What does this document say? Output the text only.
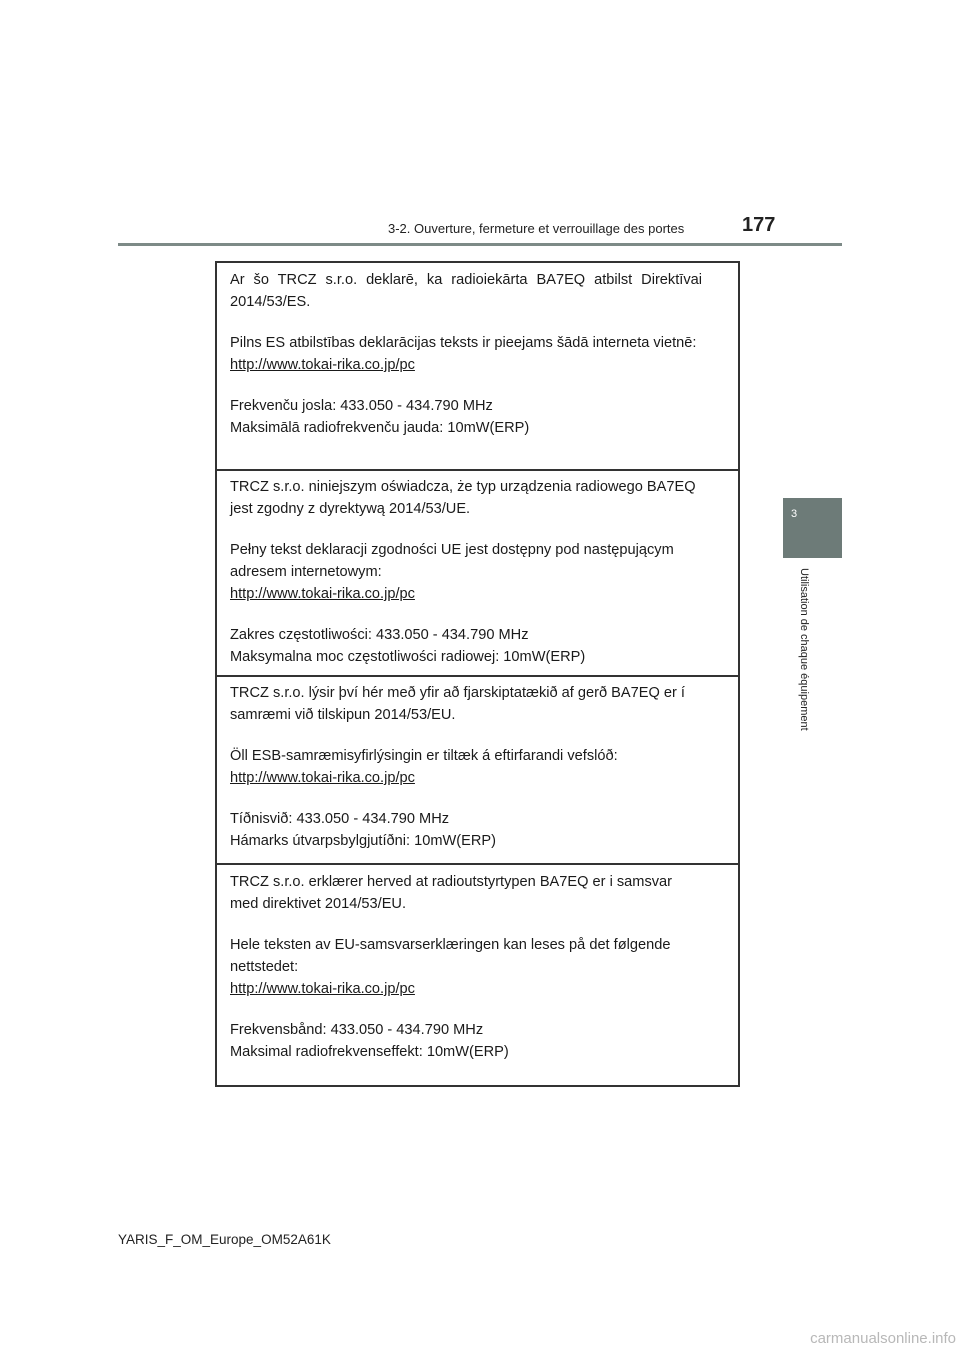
3-2. Ouverture, fermeture et verrouillage des portes	177
3
Utilisation de chaque équipement

Ar šo TRCZ s.r.o. deklarē, ka radioiekārta BA7EQ atbilst Direktīvai 2014/53/ES.

Pilns ES atbilstības deklarācijas teksts ir pieejams šādā interneta vietnē:

http://www.tokai-rika.co.jp/pc

Frekvenču josla: 433.050 - 434.790 MHz

Maksimālā radiofrekvenču jauda: 10mW(ERP)

TRCZ s.r.o. niniejszym oświadcza, że typ urządzenia radiowego BA7EQ jest zgodny z dyrektywą 2014/53/UE.

Pełny tekst deklaracji zgodności UE jest dostępny pod następującym adresem internetowym:

http://www.tokai-rika.co.jp/pc

Zakres częstotliwości: 433.050 - 434.790 MHz

Maksymalna moc częstotliwości radiowej: 10mW(ERP)

TRCZ s.r.o. lýsir því hér með yfir að fjarskiptatækið af gerð BA7EQ er í samræmi við tilskipun 2014/53/EU.

Öll ESB-samræmisyfirlýsingin er tiltæk á eftirfarandi vefslóð:

http://www.tokai-rika.co.jp/pc

Tíðnisvið: 433.050 - 434.790 MHz

Hámarks útvarpsbylgjutíðni: 10mW(ERP)

TRCZ s.r.o. erklærer herved at radioutstyrtypen BA7EQ er i samsvar med direktivet 2014/53/EU.

Hele teksten av EU-samsvarserklæringen kan leses på det følgende nettstedet:

http://www.tokai-rika.co.jp/pc

Frekvensbånd: 433.050 - 434.790 MHz

Maksimal radiofrekvenseffekt: 10mW(ERP)

YARIS_F_OM_Europe_OM52A61K
carmanualsonline.info
